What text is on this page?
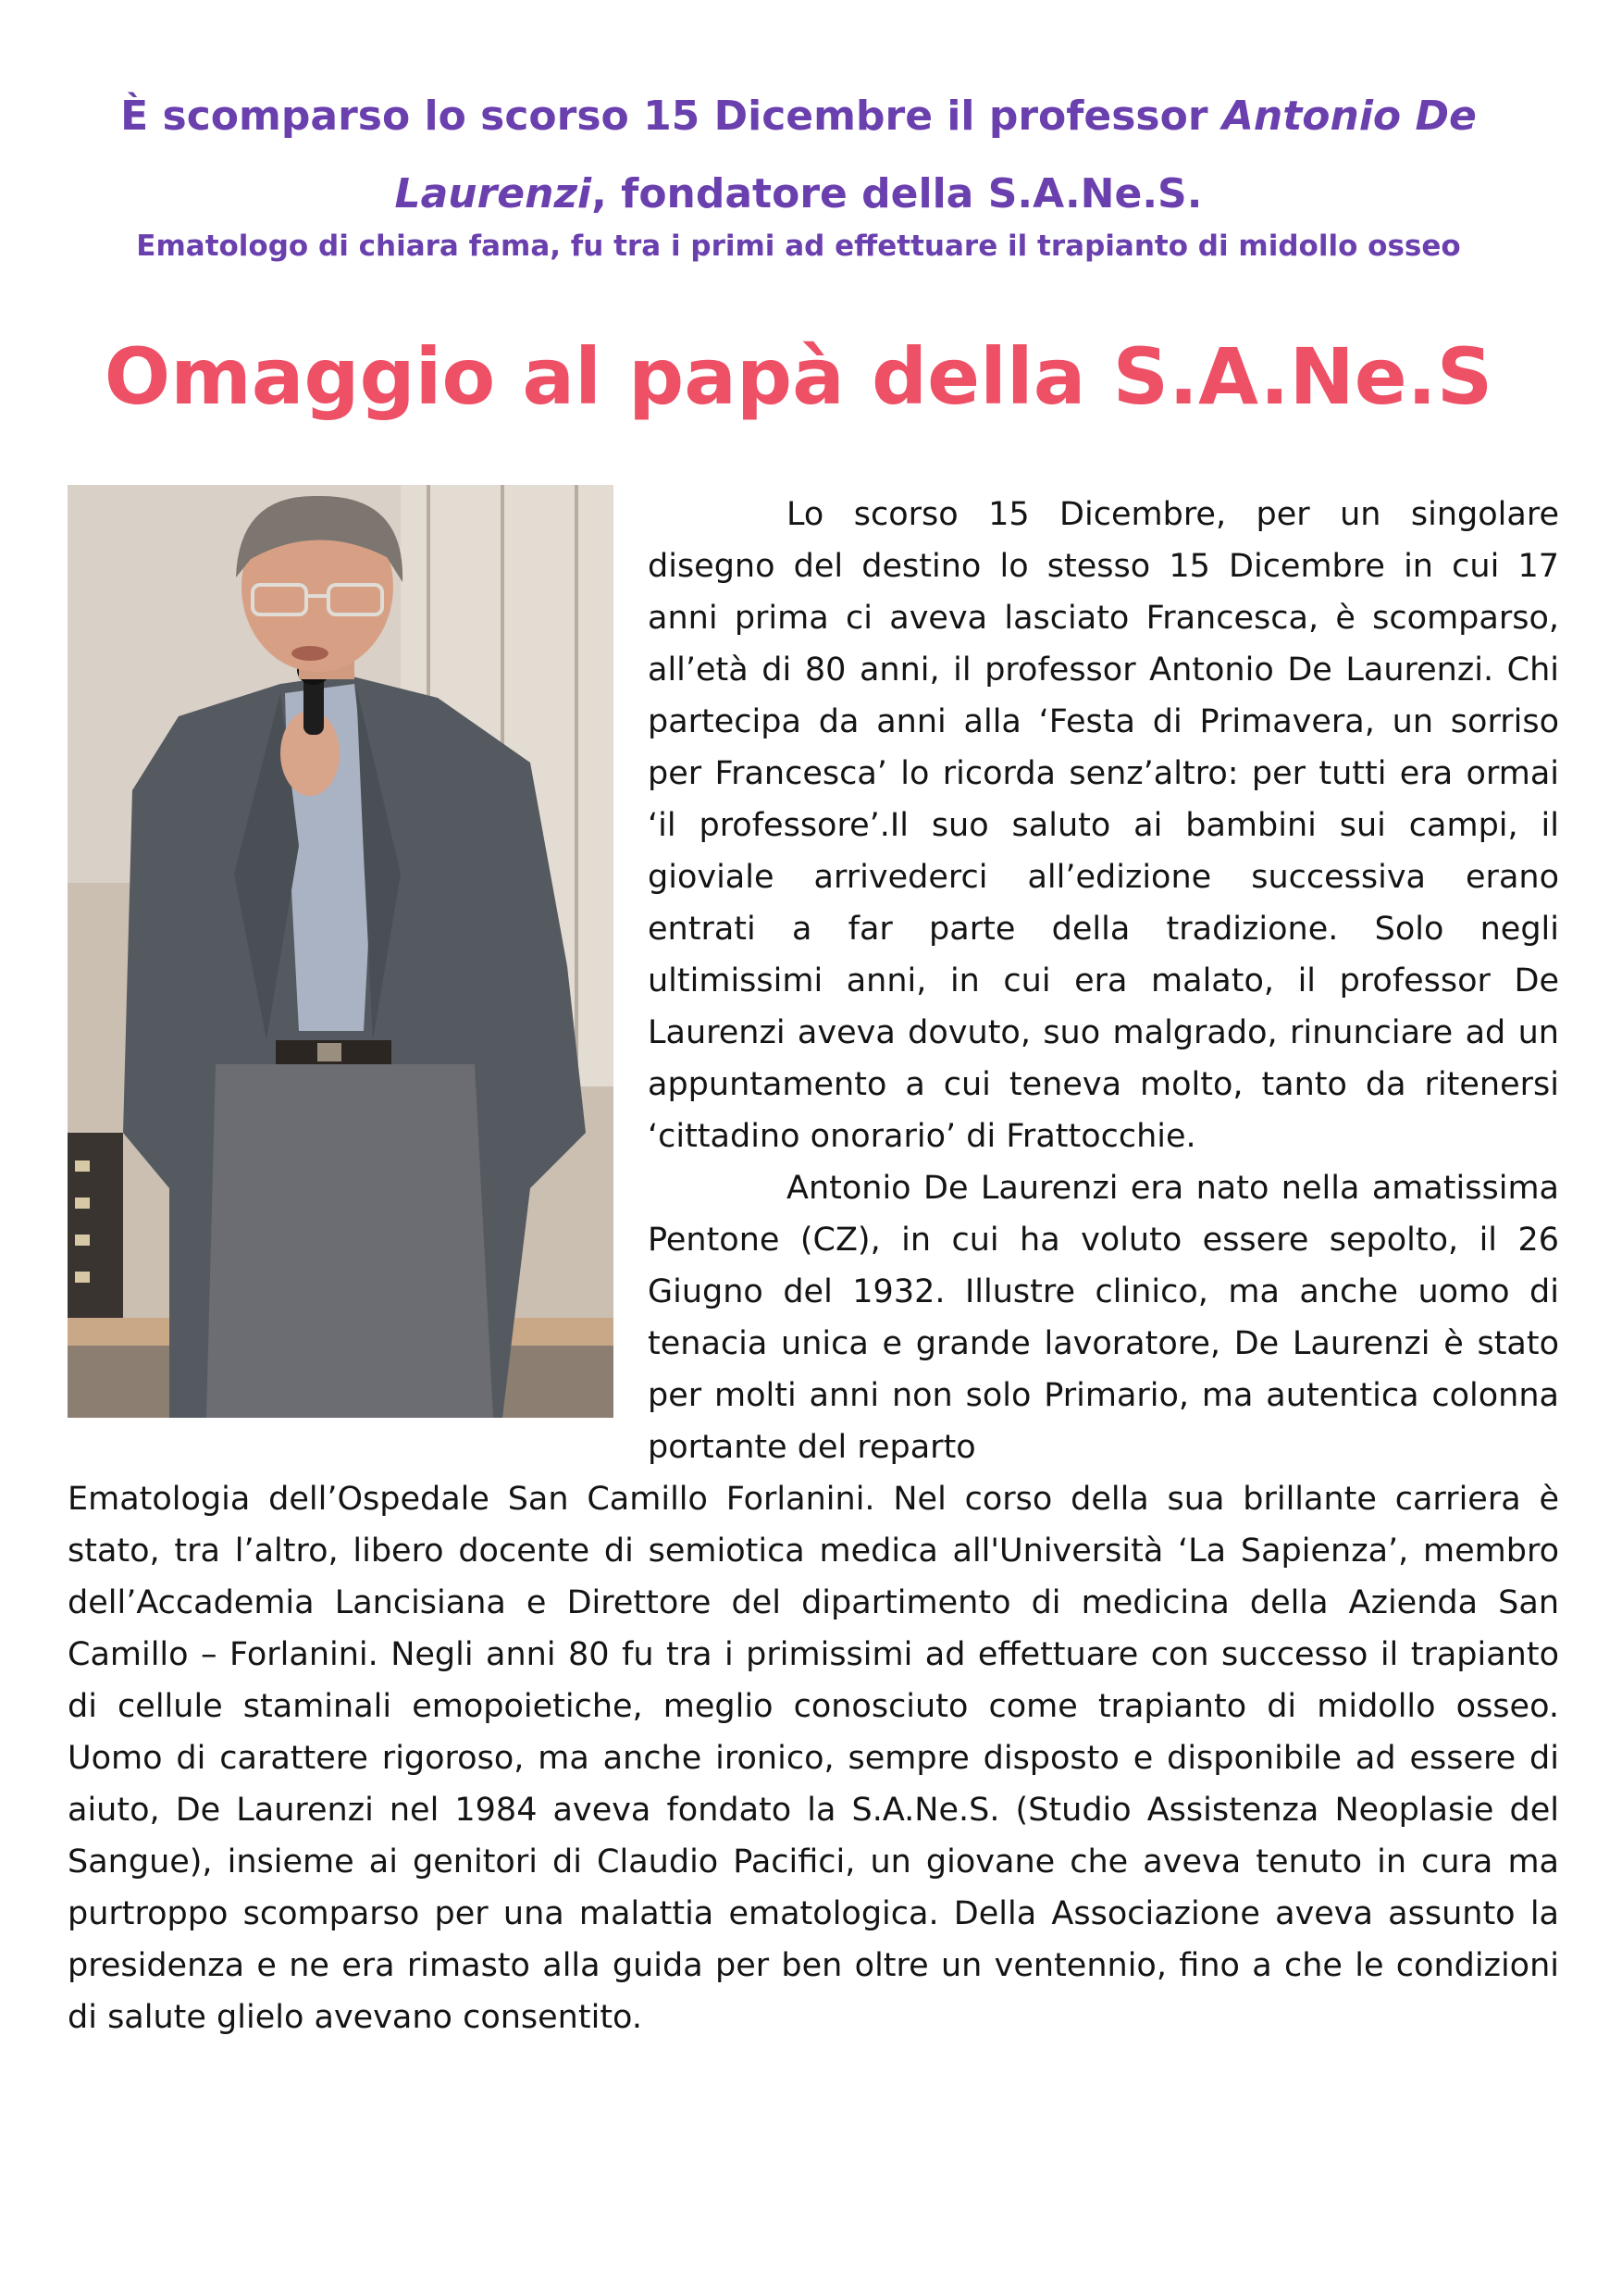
È scomparso lo scorso 15 Dicembre il professor Antonio De Laurenzi, fondatore della S.A.Ne.S.

Ematologo di chiara fama, fu tra i primi ad effettuare il trapianto di midollo osseo

Omaggio al papà della S.A.Ne.S

Lo scorso 15 Dicembre, per un singolare disegno del destino lo stesso 15 Dicembre in cui 17 anni prima ci aveva lasciato Francesca, è scomparso, all’età di 80 anni, il professor Antonio De Laurenzi. Chi partecipa da anni alla ‘Festa di Primavera, un sorriso per Francesca’ lo ricorda senz’altro: per tutti era ormai ‘il professore’.Il suo saluto ai bambini sui campi, il gioviale arrivederci all’edizione successiva erano entrati a far parte della tradizione. Solo negli ultimissimi anni, in cui era malato, il professor De Laurenzi aveva dovuto, suo malgrado, rinunciare ad un appuntamento a cui teneva molto, tanto da ritenersi ‘cittadino onorario’ di Frattocchie.

Antonio De Laurenzi era nato nella amatissima Pentone (CZ), in cui ha voluto essere sepolto, il 26 Giugno del 1932. Illustre clinico, ma anche uomo di tenacia unica e grande lavoratore, De Laurenzi è stato per molti anni non solo Primario, ma autentica colonna portante del reparto

Ematologia dell’Ospedale San Camillo Forlanini. Nel corso della sua brillante carriera è stato, tra l’altro, libero docente di semiotica medica all'Università ‘La Sapienza’, membro dell’Accademia Lancisiana e Direttore del dipartimento di medicina della Azienda San Camillo – Forlanini. Negli anni 80 fu tra i primissimi ad effettuare con successo il trapianto di cellule staminali emopoietiche, meglio conosciuto come trapianto di midollo osseo. Uomo di carattere rigoroso, ma anche ironico, sempre disposto e disponibile ad essere di aiuto, De Laurenzi nel 1984 aveva fondato la S.A.Ne.S. (Studio Assistenza Neoplasie del Sangue), insieme ai genitori di Claudio Pacifici, un giovane che aveva tenuto in cura ma purtroppo scomparso per una malattia ematologica. Della Associazione aveva assunto la presidenza e ne era rimasto alla guida per ben oltre un ventennio, fino a che le condizioni di salute glielo avevano consentito.
